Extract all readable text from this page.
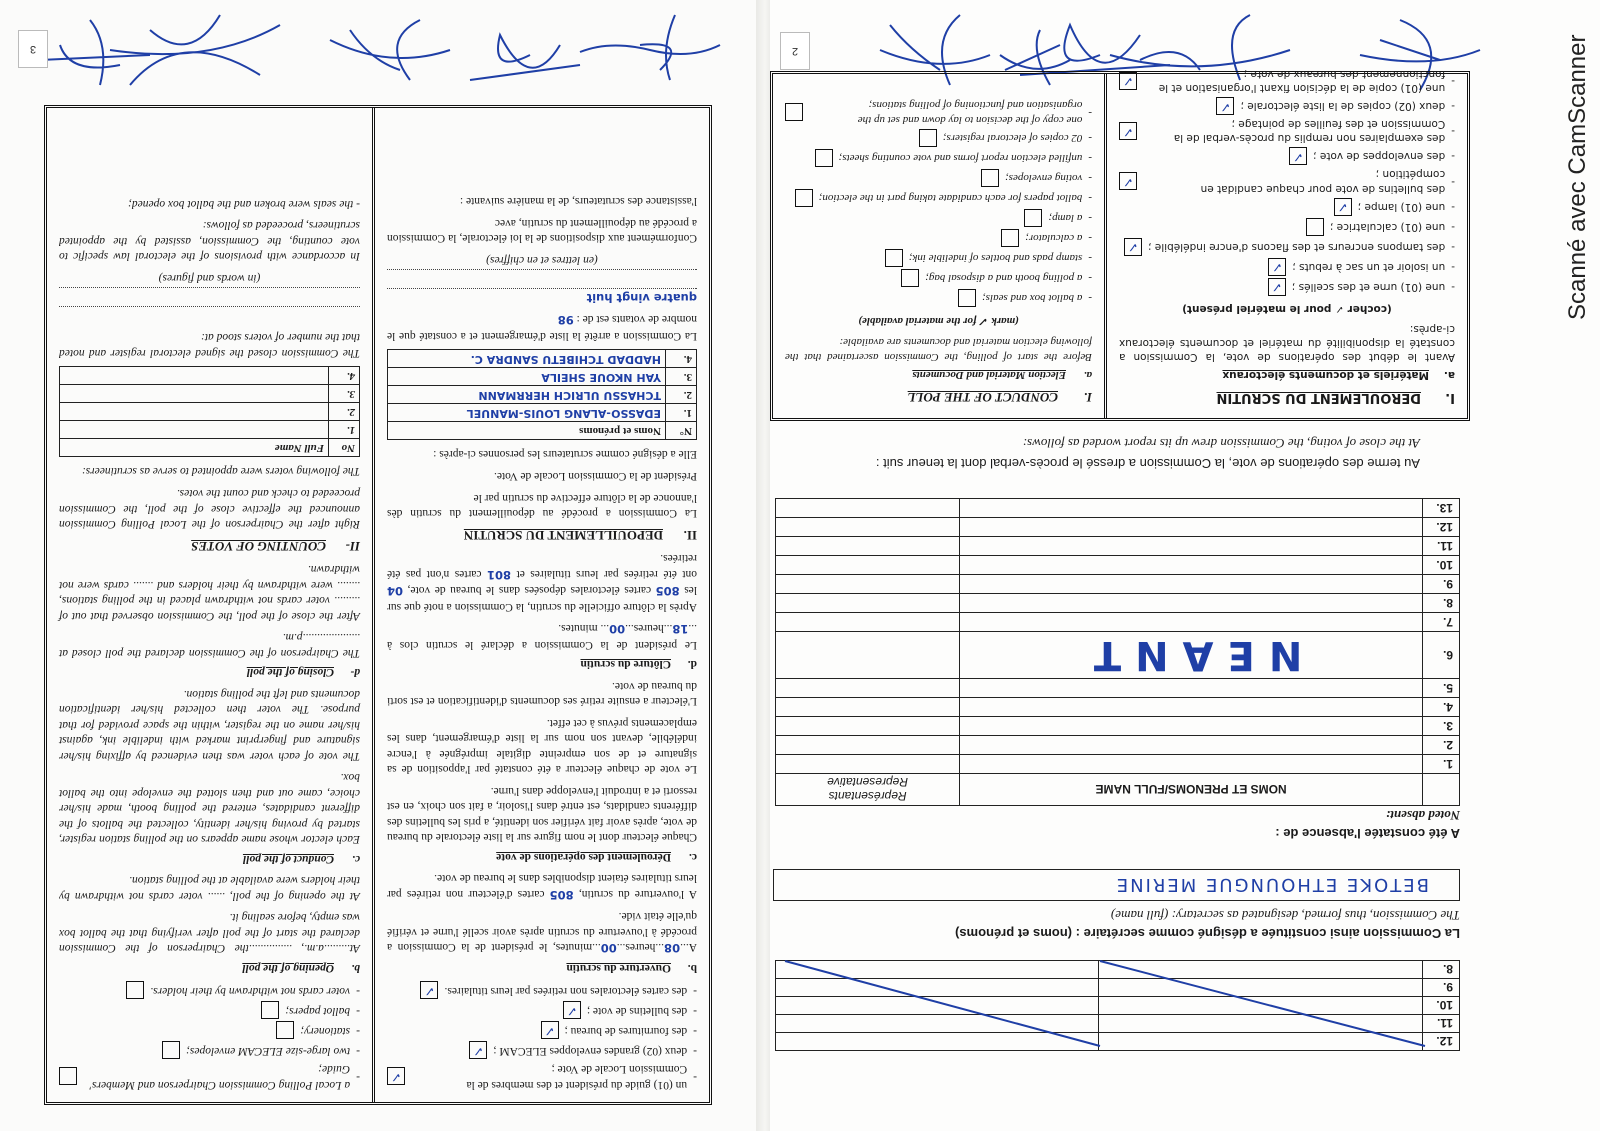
3
-
un (01) guide du président et des membres de la Commission Locale de Vote ;
✓
-
deux (02) grandes enveloppes ELECAM ;
✓
-
des fournitures de bureau ;
✓
-
des bulletins de vote ;
✓
-
des cartes électorales non retirées par leurs titulaires.
✓
b.Ouverture du scrutin

A...08...heures...00...minutes, le président de la Commission a procédé à l'ouverture du scrutin après avoir scellé l'urne et vérifié qu'elle était vide.

A l'ouverture du scrutin, 805 cartes d'électeur non retirées par leurs titulaires étaient disponibles dans le bureau de vote.

c.Déroulement des opérations de vote

Chaque électeur dont le nom figure sur la liste électorale du bureau de vote, après avoir fait vérifier son identité, a pris les bulletins des différents candidats, est entré dans l'isoloir, a fait son choix, en est ressorti et a introduit l'enveloppe dans l'urne.

Le vote de chaque électeur a été constaté par l'apposition de sa signature et de son empreinte digitale imprégnée à l'encre indélébile, devant son nom sur la liste d'émargement, dans les emplacements prévus à cet effet.

L'électeur a ensuite retiré ses documents d'identification et est sorti du bureau de vote.

d.Clôture du scrutin

Le président de la Commission a déclaré le scrutin clos à ...18...heures...00... minutes.

Après la clôture officielle du scrutin, la Commission a noté que sur les 805 cartes électorales déposées dans le bureau de vote, 04 ont été retirées par leurs titulaires et 801 cartes n'ont pas été retirées.

II.DEPOUILLEMENT DU SCRUTIN

La Commission a procédé au dépouillement du scrutin dès l'annonce de la clôture effective du scrutin par le

Président de la Commission Locale de Vote.

Elle a désigné comme scrutateurs les personnes ci-après :

N°	Noms et prénoms
1.	EDASSO-ALANG LOUIS-MANUEL
2.	TCHASSU ULRICH HERRMANN
3.	YAH NKOUE SHEILA
4.	HADDAD TCHIBETU SANDRA C.

La Commission a arrêté la liste d'émargement et a constaté que le nombre de votants est de : 98

quatre vingt huit

(en lettres et en chiffres)

Conformément aux dispositions de la loi électorale, la Commission a procédé au dépouillement du scrutin, avec

l'assistance des scrutateurs, de la manière suivante :

-
a Local Polling Commission Chairperson and Members' Guide;
-
two large-size ELECAM envelopes;
-
stationery;
-
ballot papers;
-
voter cards not withdrawn by their holders.
b.Opening of the poll

At.........a.m., ...............the Chairperson of the Commission declared the start of the poll after verifying that the ballot box was empty, before sealing it.

At the opening of the poll, ...... voter cards not withdrawn by their holders were available at the polling station.

c.Conduct of the poll

Each elector whose name appears on the polling station register, started by proving his/her identity, collected the ballots of the different candidates, entered the polling booth, made his/her choice, came out and then slotted the envelope into the ballot box.

The vote of each voter was then evidenced by affixing his/her signature and fingerprint marked with indelible ink, against his/her name on the register, within the space provided for that purpose. The voter then collected his/her identification documents and left the polling station.

d-Closing of the poll

The Chairperson of the Commission declared the poll closed at ....................p.m.

After the close of the poll, the Commission observed that out of ......... voter cards not withdrawn placed in the polling stations, ........ were withdrawn by their holders and ....... cards were not withdrawn.

II-COUNTING OF VOTES

Right after the Chairperson of the Local Polling Commission announced the effective close of the poll, the Commission proceeded to check and count the votes.

The following voters were appointed to serve as scrutineers:

No	Full Name
1.	
2.	
3.	
4.	

The Commission closed the signed electoral register and noted that the number of voters stood at:

(in words and figures)

In accordance with provisions of the electoral law specific to vote counting, the Commission, assisted by the appointed scrutineers, proceeded as follows:

- the seals were broken and the ballot box opened;

2
I.DEROULEMENT DU SCRUTIN
a.Matériels et documents électoraux

Avant le début des opérations de vote, la Commission a constaté la disponibilité du matériel et documents électoraux ci-après:

(cocher ✓ pour le matériel présent)

-
une (01) urne et des scellés ;
✓
-
un isoloir et un sac à rebuts ;
✓
-
des tampons encreurs et des flacons d'encre indélébile ;
✓
-
une (01) calculatrice ;
-
une (01) lampe ;
✓
-
des bulletins de vote pour chaque candidat en compétition ;
✓
-
des enveloppes de vote ;
✓
-
des exemplaires non remplis du procès-verbal de la Commission et des feuilles de pointage ;
✓
-
deux (02) copies de la liste électorale ;
✓
-
une (01) copie de la décision fixant l'organisation et le fonctionnement des bureaux de vote ;
✓
I.CONDUCT OF THE POLL
a.Election Material and Documents

Before the start of polling, the Commission ascertained that the following election material and documents are available:

(mark ✓ for the material available)

-
a ballot box and seals;
-
a polling booth and a disposal bag;
-
stamp pads and bottles of indelible ink;
-
a calculator;
-
a lamp;
-
ballot papers for each candidate taking part in the election;
-
voting envelopes;
-
unfilled election report forms and vote counting sheets;
-
02 copies of electoral registers;
-
one copy of the decision to lay down and set up the organisation and functioning of polling stations;
Au terme des opérations de vote, la Commission a dressé le procès-verbal dont la teneur suit :
At the close of voting, the Commission drew up its report worded as follows:
	NOMS ET PRENOMS/FULL NAME	Représentants
Representative

1.		
2.		
3.		
4.		
5.		
6.	NEANT	
7.		
8.		
9.		
10.		
11.		
12.		
13.		
A été constatée l'absence de :
Noted absent:
BETOKE ETHOUNGUE MERINE
La Commission ainsi constituée a désigné comme secrétaire : (noms et prénoms)
The Commission, thus formed, designated as secretary: (full name)
12.		
11.		
10.		
9.		
8.		
Scanné avec CamScanner
